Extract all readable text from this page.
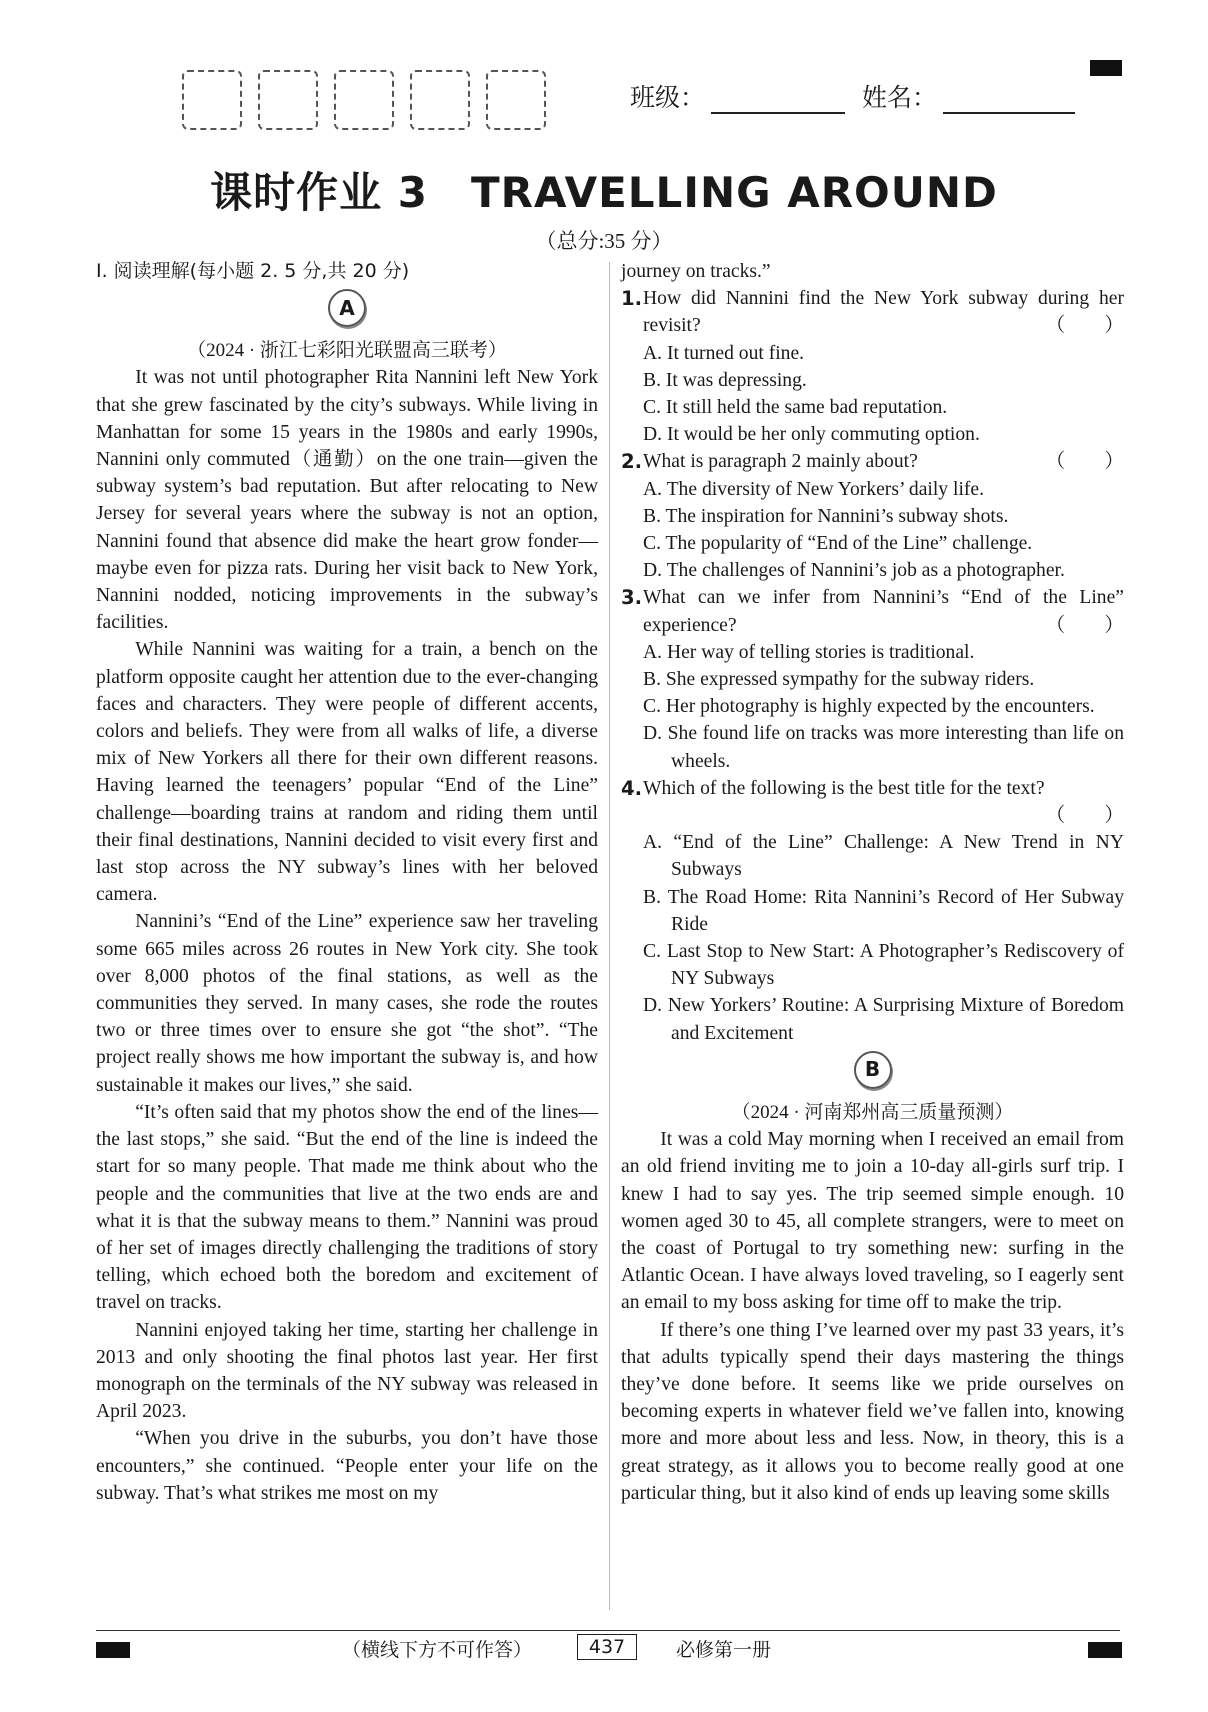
班级：	姓名：
课时作业 3　TRAVELLING AROUND
（总分:35 分）
Ⅰ. 阅读理解(每小题 2. 5 分,共 20 分)
A
（2024 · 浙江七彩阳光联盟高三联考）

It was not until photographer Rita Nannini left New York that she grew fascinated by the city’s subways. While living in Manhattan for some 15 years in the 1980s and early 1990s, Nannini only commuted（通勤）on the one train—given the subway system’s bad reputation. But after relocating to New Jersey for several years where the subway is not an option, Nannini found that absence did make the heart grow fonder—maybe even for pizza rats. During her visit back to New York, Nannini nodded, noticing improvements in the subway’s facilities.

While Nannini was waiting for a train, a bench on the platform opposite caught her attention due to the ever-changing faces and characters. They were people of different accents, colors and beliefs. They were from all walks of life, a diverse mix of New Yorkers all there for their own different reasons. Having learned the teenagers’ popular “End of the Line” challenge—boarding trains at random and riding them until their final destinations, Nannini decided to visit every first and last stop across the NY subway’s lines with her beloved camera.

Nannini’s “End of the Line” experience saw her traveling some 665 miles across 26 routes in New York city. She took over 8,000 photos of the final stations, as well as the communities they served. In many cases, she rode the routes two or three times over to ensure she got “the shot”. “The project really shows me how important the subway is, and how sustainable it makes our lives,” she said.

“It’s often said that my photos show the end of the lines—the last stops,” she said. “But the end of the line is indeed the start for so many people. That made me think about who the people and the communities that live at the two ends are and what it is that the subway means to them.” Nannini was proud of her set of images directly challenging the traditions of story telling, which echoed both the boredom and excitement of travel on tracks.

Nannini enjoyed taking her time, starting her challenge in 2013 and only shooting the final photos last year. Her first monograph on the terminals of the NY subway was released in April 2023.

“When you drive in the suburbs, you don’t have those encounters,” she continued. “People enter your life on the subway. That’s what strikes me most on my

journey on tracks.”

1. How did Nannini find the New York subway during her revisit?	（　　）
A. It turned out fine.
B. It was depressing.
C. It still held the same bad reputation.
D. It would be her only commuting option.
2. What is paragraph 2 mainly about?	（　　）
A. The diversity of New Yorkers’ daily life.
B. The inspiration for Nannini’s subway shots.
C. The popularity of “End of the Line” challenge.
D. The challenges of Nannini’s job as a photographer.
3. What can we infer from Nannini’s “End of the Line” experience?	（　　）
A. Her way of telling stories is traditional.
B. She expressed sympathy for the subway riders.
C. Her photography is highly expected by the encounters.
D. She found life on tracks was more interesting than life on wheels.
4. Which of the following is the best title for the text?

（　　）

A. “End of the Line” Challenge: A New Trend in NY Subways
B. The Road Home: Rita Nannini’s Record of Her Subway Ride
C. Last Stop to New Start: A Photographer’s Rediscovery of NY Subways
D. New Yorkers’ Routine: A Surprising Mixture of Boredom and Excitement
B
（2024 · 河南郑州高三质量预测）

It was a cold May morning when I received an email from an old friend inviting me to join a 10-day all-girls surf trip. I knew I had to say yes. The trip seemed simple enough. 10 women aged 30 to 45, all complete strangers, were to meet on the coast of Portugal to try something new: surfing in the Atlantic Ocean. I have always loved traveling, so I eagerly sent an email to my boss asking for time off to make the trip.

If there’s one thing I’ve learned over my past 33 years, it’s that adults typically spend their days mastering the things they’ve done before. It seems like we pride ourselves on becoming experts in whatever field we’ve fallen into, knowing more and more about less and less. Now, in theory, this is a great strategy, as it allows you to become really good at one particular thing, but it also kind of ends up leaving some skills

（横线下方不可作答）	437	必修第一册
